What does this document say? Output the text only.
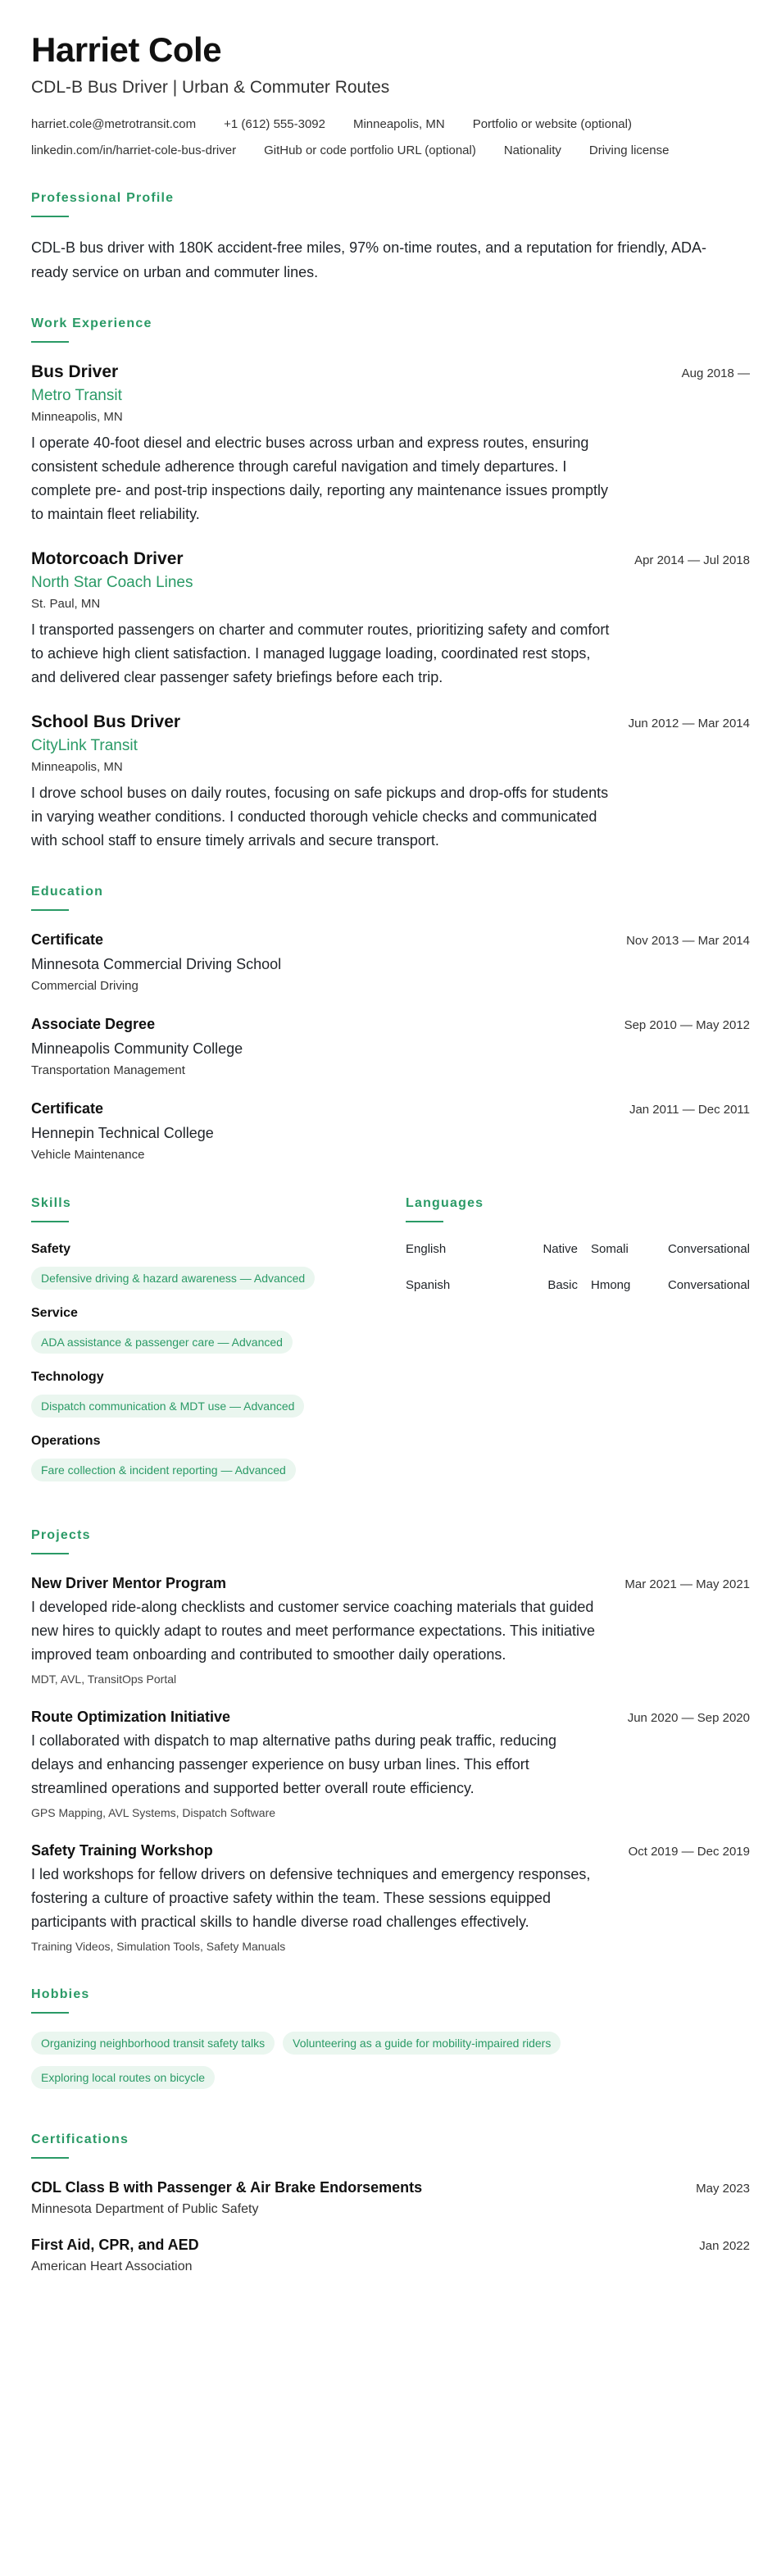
Harriet Cole
CDL-B Bus Driver | Urban & Commuter Routes
harriet.cole@metrotransit.com +1 (612) 555-3092 Minneapolis, MN Portfolio or website (optional)
linkedin.com/in/harriet-cole-bus-driver GitHub or code portfolio URL (optional) Nationality Driving license
Professional Profile

CDL-B bus driver with 180K accident-free miles, 97% on-time routes, and a reputation for friendly, ADA-ready service on urban and commuter lines.

Work Experience
Bus Driver	Aug 2018 —
Metro Transit
Minneapolis, MN

I operate 40-foot diesel and electric buses across urban and express routes, ensuring consistent schedule adherence through careful navigation and timely departures. I complete pre- and post-trip inspections daily, reporting any maintenance issues promptly to maintain fleet reliability.

Motorcoach Driver	Apr 2014 — Jul 2018
North Star Coach Lines
St. Paul, MN

I transported passengers on charter and commuter routes, prioritizing safety and comfort to achieve high client satisfaction. I managed luggage loading, coordinated rest stops, and delivered clear passenger safety briefings before each trip.

School Bus Driver	Jun 2012 — Mar 2014
CityLink Transit
Minneapolis, MN

I drove school buses on daily routes, focusing on safe pickups and drop-offs for students in varying weather conditions. I conducted thorough vehicle checks and communicated with school staff to ensure timely arrivals and secure transport.

Education
Certificate	Nov 2013 — Mar 2014
Minnesota Commercial Driving School
Commercial Driving
Associate Degree	Sep 2010 — May 2012
Minneapolis Community College
Transportation Management
Certificate	Jan 2011 — Dec 2011
Hennepin Technical College
Vehicle Maintenance
Skills
Safety
Defensive driving & hazard awareness — Advanced
Service
ADA assistance & passenger care — Advanced
Technology
Dispatch communication & MDT use — Advanced
Operations
Fare collection & incident reporting — Advanced
Languages
English	Native	Somali	Conversational
Spanish	Basic	Hmong	Conversational
Projects
New Driver Mentor Program	Mar 2021 — May 2021

I developed ride-along checklists and customer service coaching materials that guided new hires to quickly adapt to routes and meet performance expectations. This initiative improved team onboarding and contributed to smoother daily operations.

MDT, AVL, TransitOps Portal
Route Optimization Initiative	Jun 2020 — Sep 2020

I collaborated with dispatch to map alternative paths during peak traffic, reducing delays and enhancing passenger experience on busy urban lines. This effort streamlined operations and supported better overall route efficiency.

GPS Mapping, AVL Systems, Dispatch Software
Safety Training Workshop	Oct 2019 — Dec 2019

I led workshops for fellow drivers on defensive techniques and emergency responses, fostering a culture of proactive safety within the team. These sessions equipped participants with practical skills to handle diverse road challenges effectively.

Training Videos, Simulation Tools, Safety Manuals
Hobbies
Organizing neighborhood transit safety talks Volunteering as a guide for mobility-impaired riders
Exploring local routes on bicycle
Certifications
CDL Class B with Passenger & Air Brake Endorsements	May 2023
Minnesota Department of Public Safety
First Aid, CPR, and AED	Jan 2022
American Heart Association
